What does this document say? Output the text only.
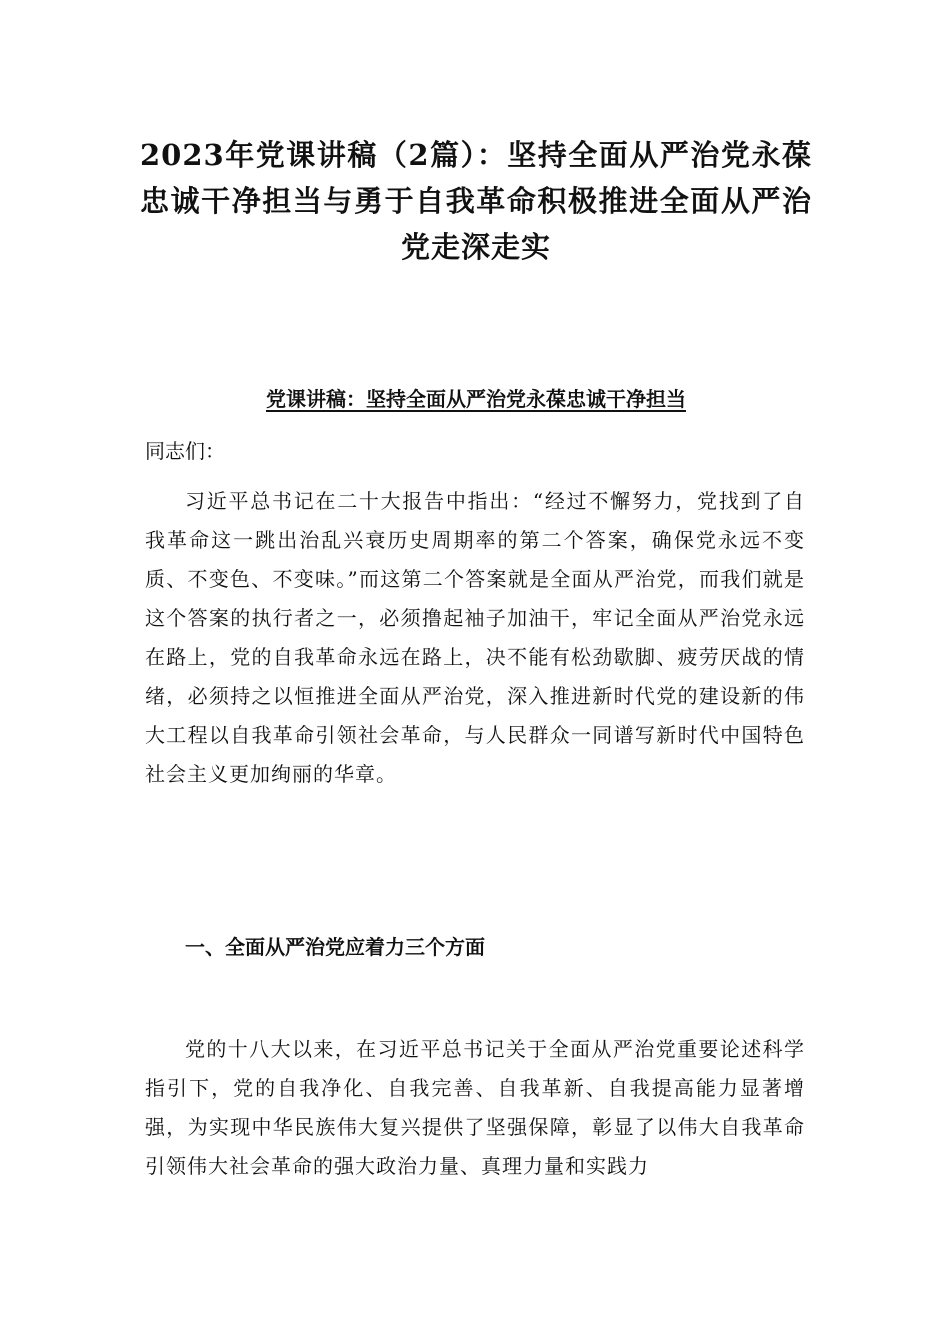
2023年党课讲稿（2篇）：坚持全面从严治党永葆忠诚干净担当与勇于自我革命积极推进全面从严治党走深走实
党课讲稿：坚持全面从严治党永葆忠诚干净担当

同志们：

习近平总书记在二十大报告中指出：“经过不懈努力，党找到了自我革命这一跳出治乱兴衰历史周期率的第二个答案，确保党永远不变质、不变色、不变味。”而这第二个答案就是全面从严治党，而我们就是这个答案的执行者之一，必须撸起袖子加油干，牢记全面从严治党永远在路上，党的自我革命永远在路上，决不能有松劲歇脚、疲劳厌战的情绪，必须持之以恒推进全面从严治党，深入推进新时代党的建设新的伟大工程以自我革命引领社会革命，与人民群众一同谱写新时代中国特色社会主义更加绚丽的华章。

一、全面从严治党应着力三个方面

党的十八大以来，在习近平总书记关于全面从严治党重要论述科学指引下，党的自我净化、自我完善、自我革新、自我提高能力显著增强，为实现中华民族伟大复兴提供了坚强保障，彰显了以伟大自我革命引领伟大社会革命的强大政治力量、真理力量和实践力
